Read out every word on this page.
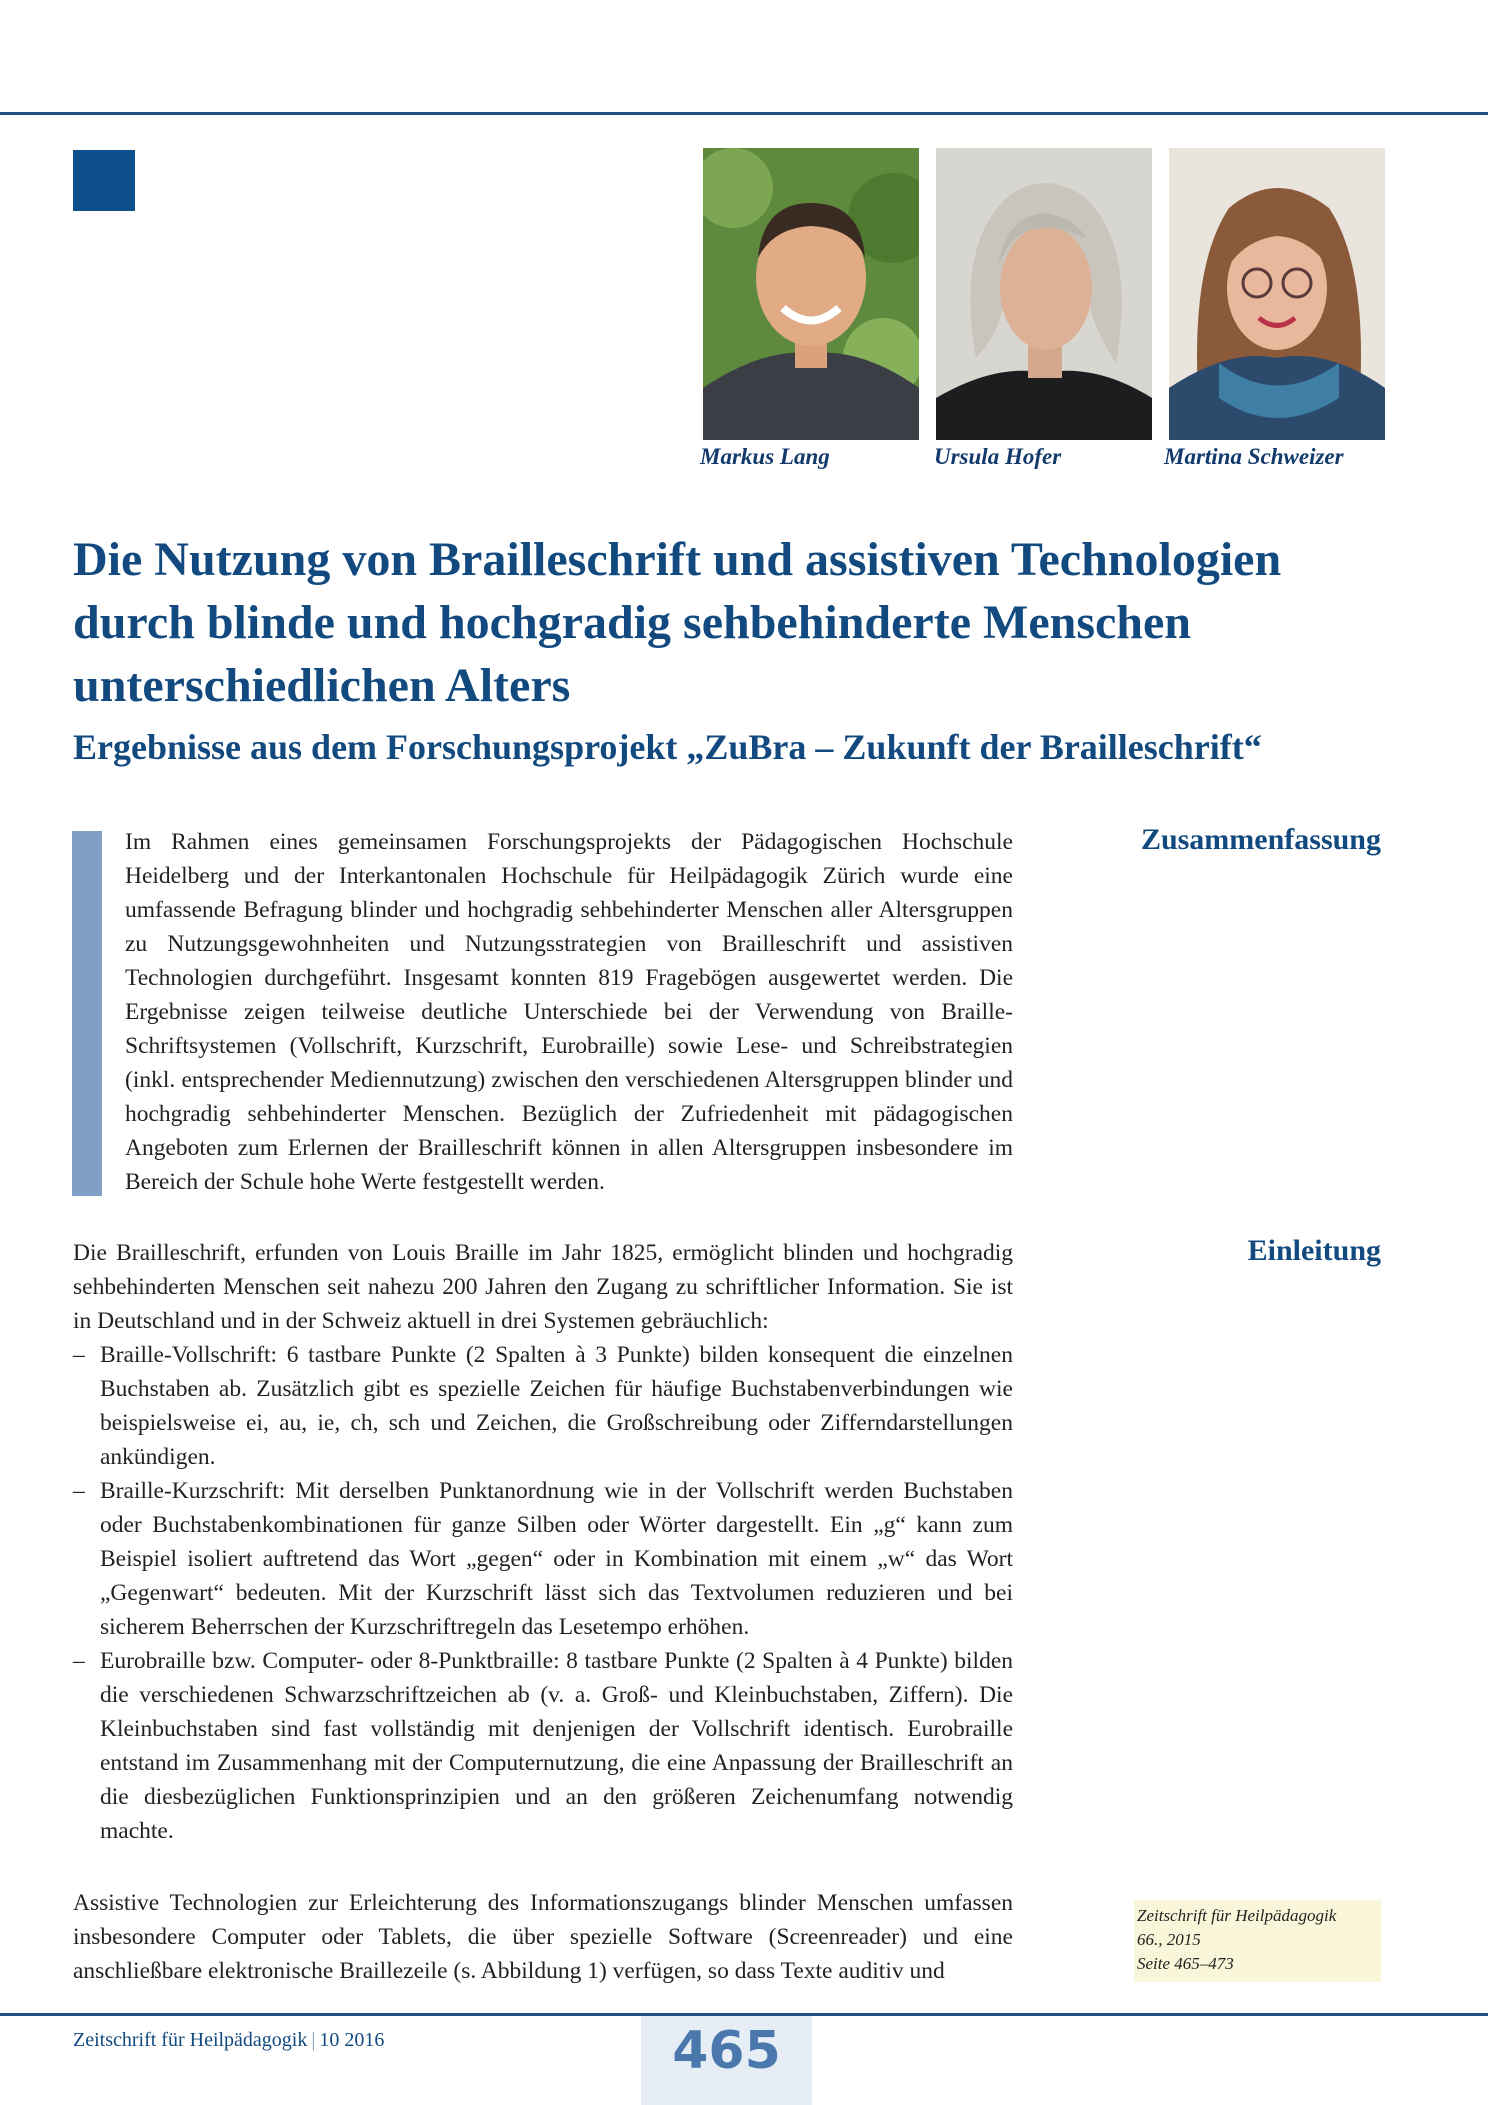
Markus Lang	Ursula Hofer	Martina Schweizer
Die Nutzung von Brailleschrift und assistiven Technologien
durch blinde und hochgradig sehbehinderte Menschen
unterschiedlichen Alters
Ergebnisse aus dem Forschungsprojekt „ZuBra – Zukunft der Brailleschrift“
Im Rahmen eines gemeinsamen Forschungsprojekts der Pädagogischen Hochschule Heidelberg und der Interkantonalen Hochschule für Heilpädagogik Zürich wurde eine umfassende Befragung blinder und hochgradig sehbehinderter Menschen aller Altersgruppen zu Nutzungsgewohnheiten und Nutzungsstrategien von Brailleschrift und assistiven Technologien durchgeführt. Insgesamt konnten 819 Fragebögen ausgewertet werden. Die Ergebnisse zeigen teilweise deutliche Unterschiede bei der Verwendung von Braille-Schriftsystemen (Vollschrift, Kurzschrift, Eurobraille) sowie Lese- und Schreibstrategien (inkl. entsprechender Mediennutzung) zwischen den verschiedenen Altersgruppen blinder und hochgradig sehbehinderter Menschen. Bezüglich der Zufriedenheit mit pädagogischen Angeboten zum Erlernen der Brailleschrift können in allen Altersgruppen insbesondere im Bereich der Schule hohe Werte festgestellt werden.
Zusammenfassung
Einleitung
Die Brailleschrift, erfunden von Louis Braille im Jahr 1825, ermöglicht blinden und hochgradig sehbehinderten Menschen seit nahezu 200 Jahren den Zugang zu schriftlicher Information. Sie ist in Deutschland und in der Schweiz aktuell in drei Systemen gebräuchlich:
– Braille-Vollschrift: 6 tastbare Punkte (2 Spalten à 3 Punkte) bilden konsequent die einzelnen Buchstaben ab. Zusätzlich gibt es spezielle Zeichen für häufige Buchstabenverbindungen wie beispielsweise ei, au, ie, ch, sch und Zeichen, die Großschreibung oder Zifferndarstellungen ankündigen.
– Braille-Kurzschrift: Mit derselben Punktanordnung wie in der Vollschrift werden Buchstaben oder Buchstabenkombinationen für ganze Silben oder Wörter dargestellt. Ein „g“ kann zum Beispiel isoliert auftretend das Wort „gegen“ oder in Kombination mit einem „w“ das Wort „Gegenwart“ bedeuten. Mit der Kurzschrift lässt sich das Textvolumen reduzieren und bei sicherem Beherrschen der Kurzschriftregeln das Lesetempo erhöhen.
– Eurobraille bzw. Computer- oder 8-Punktbraille: 8 tastbare Punkte (2 Spalten à 4 Punkte) bilden die verschiedenen Schwarzschriftzeichen ab (v. a. Groß- und Kleinbuchstaben, Ziffern). Die Kleinbuchstaben sind fast vollständig mit denjenigen der Vollschrift identisch. Eurobraille entstand im Zusammenhang mit der Computernutzung, die eine Anpassung der Brailleschrift an die diesbezüglichen Funktionsprinzipien und an den größeren Zeichenumfang notwendig machte.
Assistive Technologien zur Erleichterung des Informationszugangs blinder Menschen umfassen insbesondere Computer oder Tablets, die über spezielle Software (Screenreader) und eine anschließbare elektronische Braillezeile (s. Abbildung 1) verfügen, so dass Texte auditiv und
Zeitschrift für Heilpädagogik
66., 2015
Seite 465–473
465
Zeitschrift für Heilpädagogik | 10 2016
